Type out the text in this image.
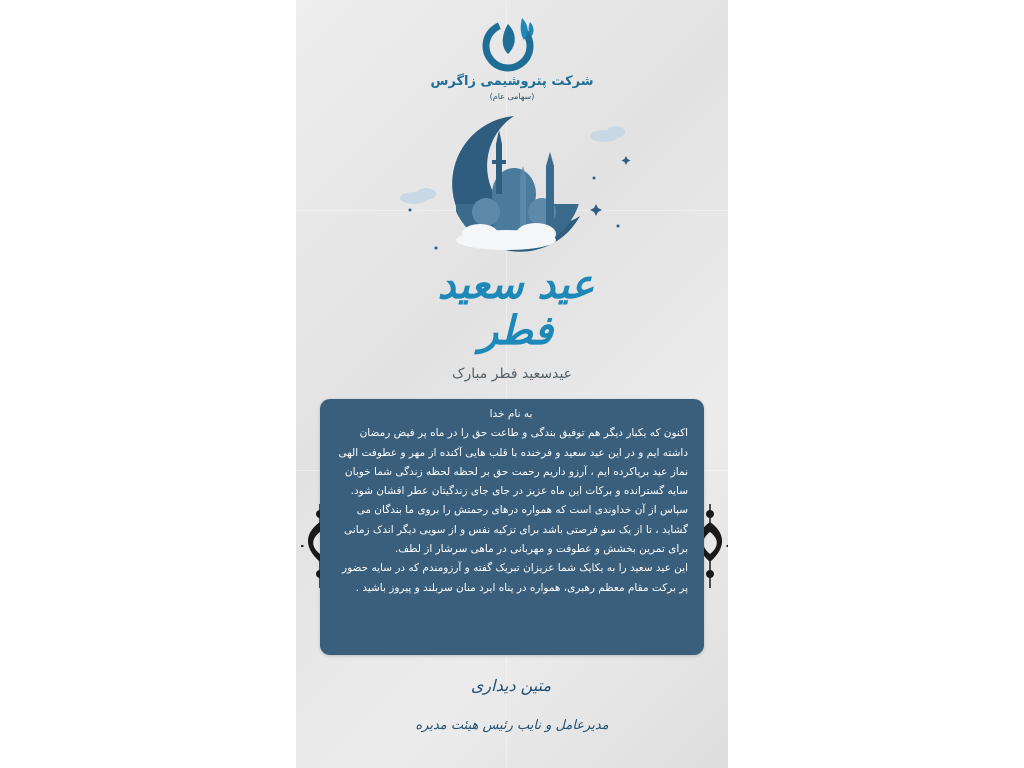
شرکت پتروشیمی زاگرس
(سهامی عام)
عید سعید فطر
عیدسعید فطر مبارک
به نام خدا

اکنون که یکبار دیگر هم توفیق بندگی و طاعت حق را در ماه پر فیض رمضان داشته ایم و در این عید سعید و فرخنده با قلب هایی آکنده از مهر و عطوفت الهی نماز عید برپاکرده ایم ، آرزو داریم رحمت حق بر لحظه لحظه زندگی شما خوبان سایه گسترانده و برکات این ماه عزیز در جای جای زندگیتان عطر افشان شود.

سپاس از آن خداوندی است که همواره درهای رحمتش را بروی ما بندگان می گشاید ، تا از یک سو فرصتی باشد برای تزکیه نفس و از سویی دیگر اندک زمانی برای تمرین بخشش و عطوفت و مهربانی در ماهی سرشار از لطف.

این عید سعید را به یکایک شما عزیزان تبریک گفته و آرزومندم که در سایه حضور پر برکت مقام معظم رهبری، همواره در پناه ایرد منان سربلند و پیروز باشید .

متین دیداری
مدیرعامل و نایب رئیس هیئت مدیره
